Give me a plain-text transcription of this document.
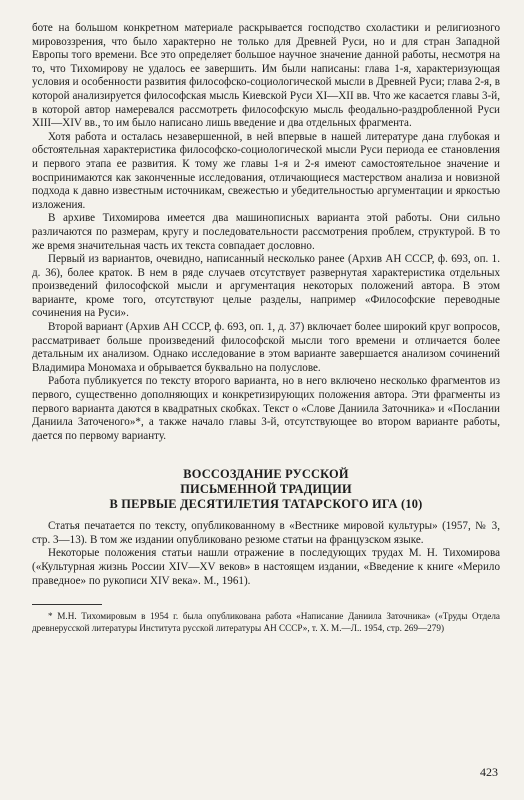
боте на большом конкретном материале раскрывается господство схоластики и религиозного мировоззрения, что было характерно не только для Древней Руси, но и для стран Западной Европы того времени. Все это определяет большое научное значение данной работы, несмотря на то, что Тихомирову не удалось ее завершить. Им были написаны: глава 1-я, характеризующая условия и особенности развития философско-социологической мысли в Древней Руси; глава 2-я, в которой анализируется философская мысль Киевской Руси XI—XII вв. Что же касается главы 3-й, в которой автор намеревался рассмотреть философскую мысль феодально-раздробленной Руси XIII—XIV вв., то им было написано лишь введение и два отдельных фрагмента.

Хотя работа и осталась незавершенной, в ней впервые в нашей литературе дана глубокая и обстоятельная характеристика философско-социологической мысли Руси периода ее становления и первого этапа ее развития. К тому же главы 1-я и 2-я имеют самостоятельное значение и воспринимаются как законченные исследования, отличающиеся мастерством анализа и новизной подхода к давно известным источникам, свежестью и убедительностью аргументации и яркостью изложения.

В архиве Тихомирова имеется два машинописных варианта этой работы. Они сильно различаются по размерам, кругу и последовательности рассмотрения проблем, структурой. В то же время значительная часть их текста совпадает дословно.

Первый из вариантов, очевидно, написанный несколько ранее (Архив АН СССР, ф. 693, оп. 1. д. 36), более краток. В нем в ряде случаев отсутствует развернутая характеристика отдельных произведений философской мысли и аргументация некоторых положений автора. В этом варианте, кроме того, отсутствуют целые разделы, например «Философские переводные сочинения на Руси».

Второй вариант (Архив АН СССР, ф. 693, оп. 1, д. 37) включает более широкий круг вопросов, рассматривает больше произведений философской мысли того времени и отличается более детальным их анализом. Однако исследование в этом варианте завершается анализом сочинений Владимира Мономаха и обрывается буквально на полуслове.

Работа публикуется по тексту второго варианта, но в него включено несколько фрагментов из первого, существенно дополняющих и конкретизирующих положения автора. Эти фрагменты из первого варианта даются в квадратных скобках. Текст о «Слове Даниила Заточника» и «Послании Даниила Заточеного»*, а также начало главы 3-й, отсутствующее во втором варианте работы, дается по первому варианту.

ВОССОЗДАНИЕ РУССКОЙ
ПИСЬМЕННОЙ ТРАДИЦИИ
В ПЕРВЫЕ ДЕСЯТИЛЕТИЯ ТАТАРСКОГО ИГА (10)

Статья печатается по тексту, опубликованному в «Вестнике мировой культуры» (1957, № 3, стр. 3—13). В том же издании опубликовано резюме статьи на французском языке.

Некоторые положения статьи нашли отражение в последующих трудах М. Н. Тихомирова («Культурная жизнь России XIV—XV веков» в настоящем издании, «Введение к книге «Мерило праведное» по рукописи XIV века». М., 1961).

* М.Н. Тихомировым в 1954 г. была опубликована работа «Написание Даниила Заточника» («Труды Отдела древнерусской литературы Института русской литературы АН СССР», т. X. М.—Л.. 1954, стр. 269—279)

423
